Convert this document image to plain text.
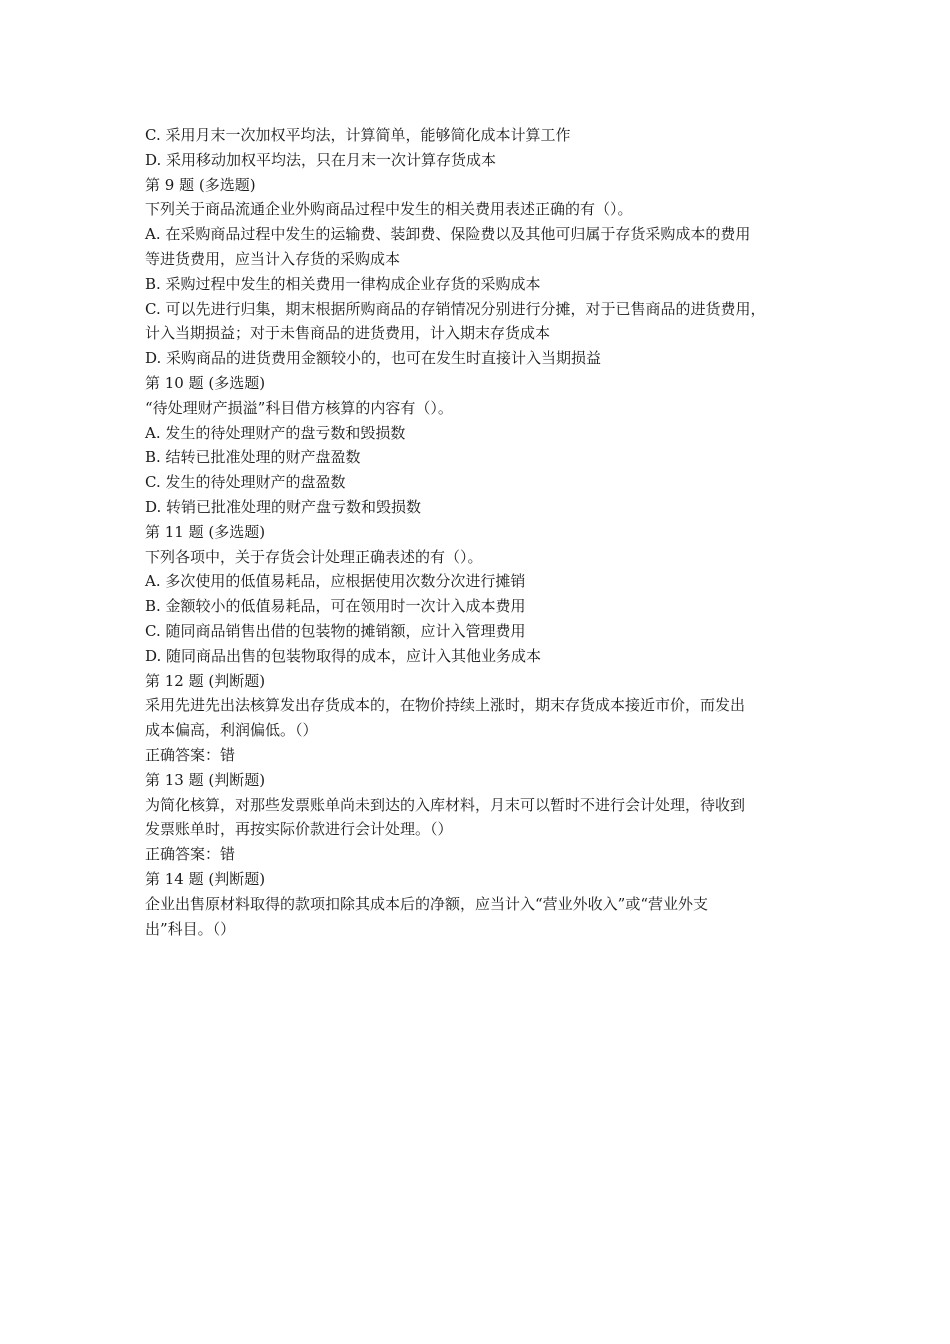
C. 采用月末一次加权平均法，计算简单，能够简化成本计算工作
D. 采用移动加权平均法，只在月末一次计算存货成本
第 9 题 (多选题)
下列关于商品流通企业外购商品过程中发生的相关费用表述正确的有（）。
A. 在采购商品过程中发生的运输费、装卸费、保险费以及其他可归属于存货采购成本的费用
等进货费用，应当计入存货的采购成本
B. 采购过程中发生的相关费用一律构成企业存货的采购成本
C. 可以先进行归集，期末根据所购商品的存销情况分别进行分摊，对于已售商品的进货费用，
计入当期损益；对于未售商品的进货费用，计入期末存货成本
D. 采购商品的进货费用金额较小的，也可在发生时直接计入当期损益
第 10 题 (多选题)
“待处理财产损溢”科目借方核算的内容有（）。
A. 发生的待处理财产的盘亏数和毁损数
B. 结转已批准处理的财产盘盈数
C. 发生的待处理财产的盘盈数
D. 转销已批准处理的财产盘亏数和毁损数
第 11 题 (多选题)
下列各项中，关于存货会计处理正确表述的有（）。
A. 多次使用的低值易耗品，应根据使用次数分次进行摊销
B. 金额较小的低值易耗品，可在领用时一次计入成本费用
C. 随同商品销售出借的包装物的摊销额，应计入管理费用
D. 随同商品出售的包装物取得的成本，应计入其他业务成本
第 12 题 (判断题)
采用先进先出法核算发出存货成本的，在物价持续上涨时，期末存货成本接近市价，而发出
成本偏高，利润偏低。（）
正确答案：错
第 13 题 (判断题)
为简化核算，对那些发票账单尚未到达的入库材料，月末可以暂时不进行会计处理，待收到
发票账单时，再按实际价款进行会计处理。（）
正确答案：错
第 14 题 (判断题)
企业出售原材料取得的款项扣除其成本后的净额，应当计入“营业外收入”或“营业外支
出”科目。（）
